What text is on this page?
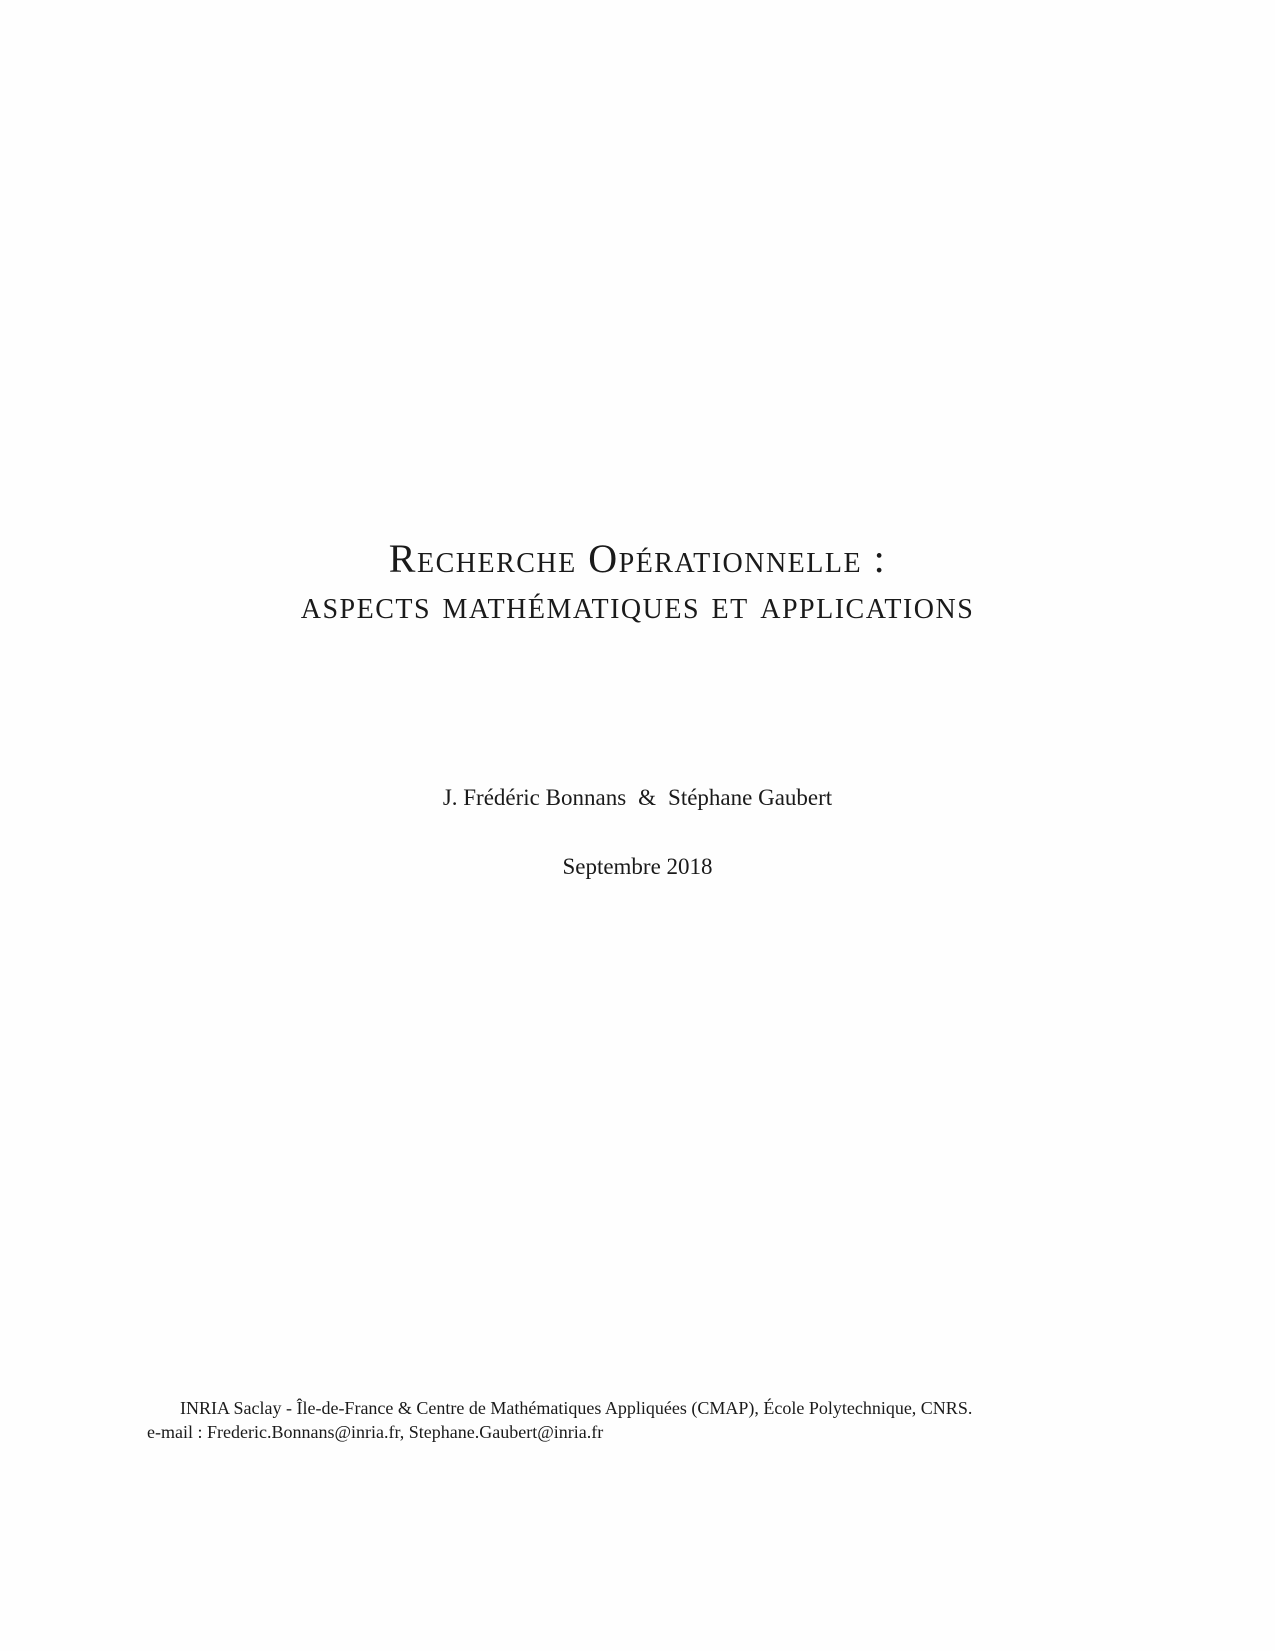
Recherche Opérationnelle :
aspects mathématiques et applications
J. Frédéric Bonnans & Stéphane Gaubert
Septembre 2018
INRIA Saclay - Île-de-France & Centre de Mathématiques Appliquées (CMAP), École Polytechnique, CNRS.
e-mail : Frederic.Bonnans@inria.fr, Stephane.Gaubert@inria.fr
